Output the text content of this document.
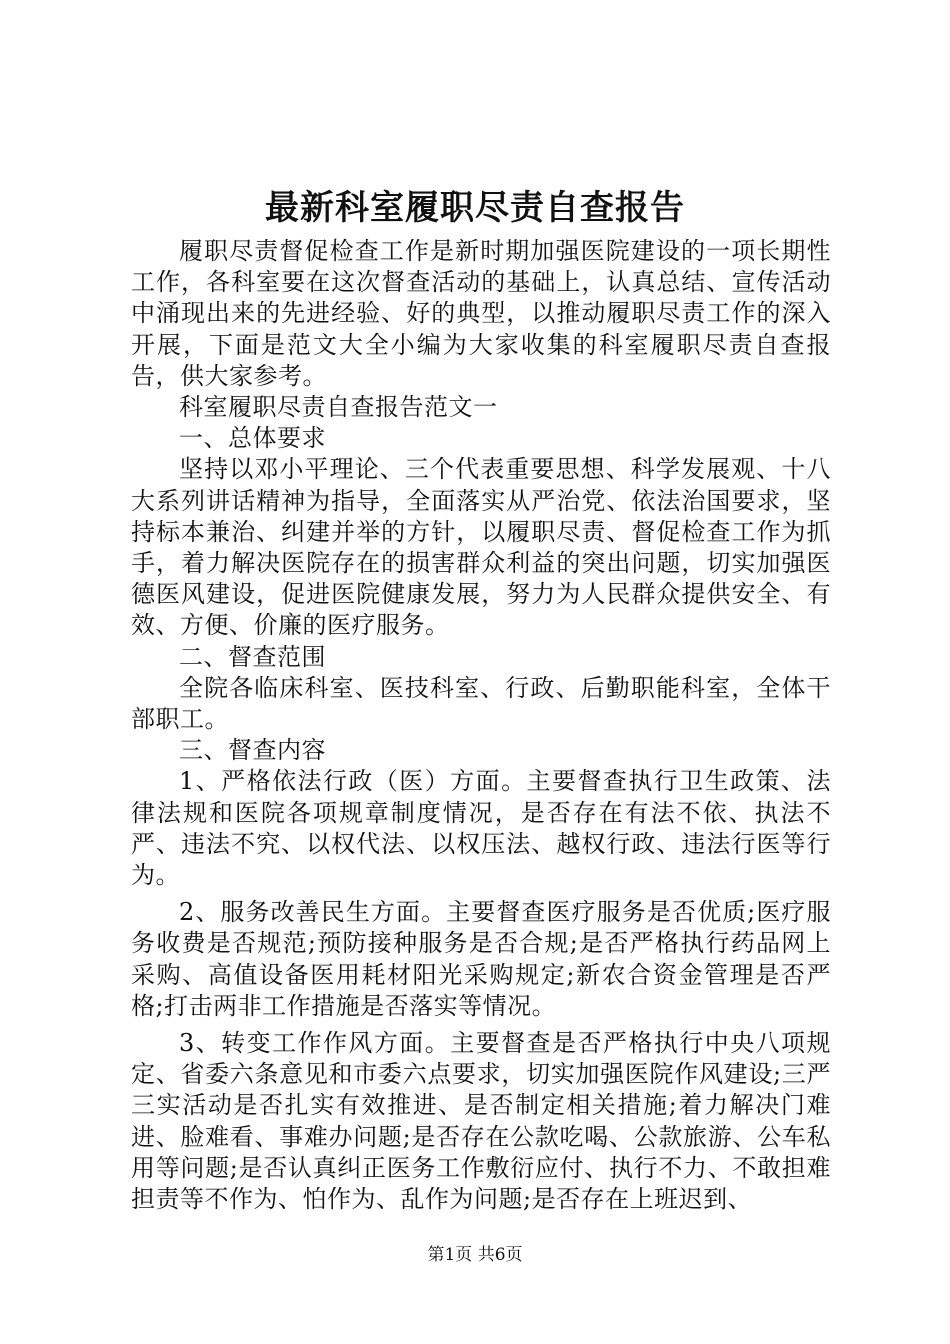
最新科室履职尽责自查报告

履职尽责督促检查工作是新时期加强医院建设的一项长期性工作，各科室要在这次督查活动的基础上，认真总结、宣传活动中涌现出来的先进经验、好的典型，以推动履职尽责工作的深入开展，下面是范文大全小编为大家收集的科室履职尽责自查报告，供大家参考。

科室履职尽责自查报告范文一

一、总体要求

坚持以邓小平理论、三个代表重要思想、科学发展观、十八大系列讲话精神为指导，全面落实从严治党、依法治国要求，坚持标本兼治、纠建并举的方针，以履职尽责、督促检查工作为抓手，着力解决医院存在的损害群众利益的突出问题，切实加强医德医风建设，促进医院健康发展，努力为人民群众提供安全、有效、方便、价廉的医疗服务。

二、督查范围

全院各临床科室、医技科室、行政、后勤职能科室，全体干部职工。

三、督查内容

1、严格依法行政（医）方面。主要督查执行卫生政策、法律法规和医院各项规章制度情况，是否存在有法不依、执法不严、违法不究、以权代法、以权压法、越权行政、违法行医等行为。

2、服务改善民生方面。主要督查医疗服务是否优质;医疗服务收费是否规范;预防接种服务是否合规;是否严格执行药品网上采购、高值设备医用耗材阳光采购规定;新农合资金管理是否严格;打击两非工作措施是否落实等情况。

3、转变工作作风方面。主要督查是否严格执行中央八项规定、省委六条意见和市委六点要求，切实加强医院作风建设;三严三实活动是否扎实有效推进、是否制定相关措施;着力解决门难进、脸难看、事难办问题;是否存在公款吃喝、公款旅游、公车私用等问题;是否认真纠正医务工作敷衍应付、执行不力、不敢担难担责等不作为、怕作为、乱作为问题;是否存在上班迟到、

第1页 共6页
